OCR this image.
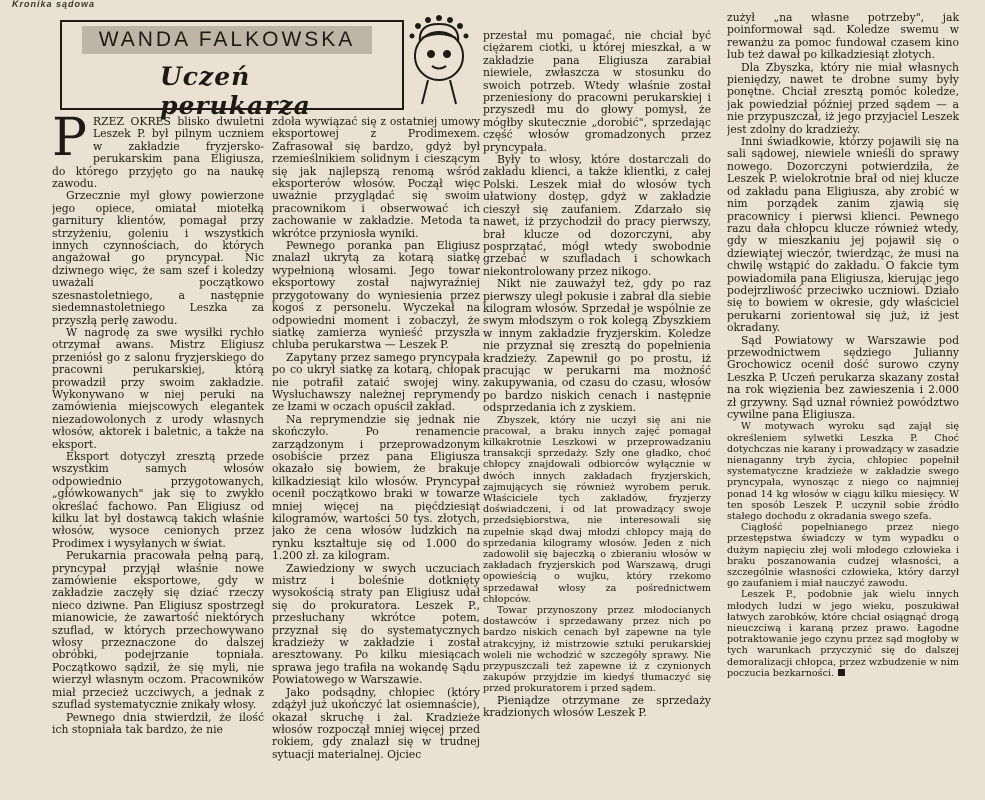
Kronika sądowa
WANDA FALKOWSKA
Uczeń perukarza

PRZEZ OKRES blisko dwuletni Leszek P. był pilnym uczniem w zakładzie fryzjersko-perukarskim pana Eligiusza, do którego przyjęto go na naukę zawodu.

Grzecznie mył głowy powierzone jego opiece, omiatał miotełką garnitury klientów, pomagał przy strzyżeniu, goleniu i wszystkich innych czynnościach, do których angażował go pryncypał. Nic dziwnego więc, że sam szef i koledzy uważali początkowo szesnastoletniego, a następnie siedemnastoletniego Leszka za przyszłą perłę zawodu.

W nagrodę za swe wysiłki rychło otrzymał awans. Mistrz Eligiusz przeniósł go z salonu fryzjerskiego do pracowni perukarskiej, którą prowadził przy swoim zakładzie. Wykonywano w niej peruki na zamówienia miejscowych elegantek niezadowolonych z urody własnych włosów, aktorek i baletnic, a także na eksport.

Eksport dotyczył zresztą przede wszystkim samych włosów odpowiednio przygotowanych, „główkowanych" jak się to zwykło określać fachowo. Pan Eligiusz od kilku lat był dostawcą takich właśnie włosów, wysoce cenionych przez Prodimex i wysyłanych w świat.

Perukarnia pracowała pełną parą, pryncypał przyjął właśnie nowe zamówienie eksportowe, gdy w zakładzie zaczęły się dziać rzeczy nieco dziwne. Pan Eligiusz spostrzegł mianowicie, że zawartość niektórych szuflad, w których przechowywano włosy przeznaczone do dalszej obróbki, podejrzanie topniała. Początkowo sądził, że się myli, nie wierzył własnym oczom. Pracowników miał przecież uczciwych, a jednak z szuflad systematycznie znikały włosy.

Pewnego dnia stwierdził, że ilość ich stopniała tak bardzo, że nie

zdoła wywiązać się z ostatniej umowy eksportowej z Prodimexem. Zafrasował się bardzo, gdyż był rzemieślnikiem solidnym i cieszącym się jak najlepszą renomą wśród eksporterów włosów. Począł więc uważnie przyglądać się swoim pracownikom i obserwować ich zachowanie w zakładzie. Metoda ta wkrótce przyniosła wyniki.

Pewnego poranka pan Eligiusz znalazł ukrytą za kotarą siatkę wypełnioną włosami. Jego towar eksportowy został najwyraźniej przygotowany do wyniesienia przez kogoś z personelu. Wyczekał na odpowiedni moment i zobaczył, że siatkę zamierza wynieść przyszła chluba perukarstwa — Leszek P.

Zapytany przez samego pryncypała po co ukrył siatkę za kotarą, chłopak nie potrafił zataić swojej winy. Wysłuchawszy należnej reprymendy ze łzami w oczach opuścił zakład.

Na reprymendzie się jednak nie skończyło. Po renamencie zarządzonym i przeprowadzonym osobiście przez pana Eligiusza okazało się bowiem, że brakuje kilkadziesiąt kilo włosów. Pryncypał ocenił początkowo braki w towarze mniej więcej na pięćdziesiąt kilogramów, wartości 50 tys. złotych, jako że cena włosów ludzkich na rynku kształtuje się od 1.000 do 1.200 zł. za kilogram.

Zawiedziony w swych uczuciach mistrz i boleśnie dotknięty wysokością straty pan Eligiusz udał się do prokuratora. Leszek P., przesłuchany wkrótce potem, przyznał się do systematycznych kradzieży w zakładzie i został aresztowany. Po kilku miesiącach sprawa jego trafiła na wokandę Sądu Powiatowego w Warszawie.

Jako podsądny, chłopiec (który zdążył już ukończyć lat osiemnaście), okazał skruchę i żal. Kradzieże włosów rozpoczął mniej więcej przed rokiem, gdy znalazł się w trudnej sytuacji materialnej. Ojciec

przestał mu pomagać, nie chciał być ciężarem ciotki, u której mieszkał, a w zakładzie pana Eligiusza zarabiał niewiele, zwłaszcza w stosunku do swoich potrzeb. Wtedy właśnie został przeniesiony do pracowni perukarskiej i przyszedł mu do głowy pomysł, że mógłby skutecznie „dorobić", sprzedając część włosów gromadzonych przez pryncypała.

Były to włosy, które dostarczali do zakładu klienci, a także klientki, z całej Polski. Leszek miał do włosów tych ułatwiony dostęp, gdyż w zakładzie cieszył się zaufaniem. Zdarzało się nawet, iż przychodził do pracy pierwszy, brał klucze od dozorczyni, aby posprzątać, mógł wtedy swobodnie grzebać w szufladach i schowkach niekontrolowany przez nikogo.

Nikt nie zauważył też, gdy po raz pierwszy uległ pokusie i zabrał dla siebie kilogram włosów. Sprzedał je wspólnie ze swym młodszym o rok kolegą Zbyszkiem w innym zakładzie fryzjerskim. Koledze nie przyznał się zresztą do popełnienia kradzieży. Zapewnił go po prostu, iż pracując w perukarni ma możność zakupywania, od czasu do czasu, włosów po bardzo niskich cenach i następnie odsprzedania ich z zyskiem.

Zbyszek, który nie uczył się ani nie pracował, a braku innych zajęć pomagał kilkakrotnie Leszkowi w przeprowadzaniu transakcji sprzedaży. Szły one gładko, choć chłopcy znajdowali odbiorców wyłącznie w dwóch innych zakładach fryzjerskich, zajmujących się również wyrobem peruk. Właściciele tych zakładów, fryzjerzy doświadczeni, i od lat prowadzący swoje przedsiębiorstwa, nie interesowali się zupełnie skąd dwaj młodzi chłopcy mają do sprzedania kilogramy włosów. Jeden z nich zadowolił się bajeczką o zbieraniu włosów w zakładach fryzjerskich pod Warszawą, drugi opowieścią o wujku, który rzekomo sprzedawał włosy za pośrednictwem chłopców.

Towar przynoszony przez młodocianych dostawców i sprzedawany przez nich po bardzo niskich cenach był zapewne na tyle atrakcyjny, iż mistrzowie sztuki perukarskiej woleli nie wchodzić w szczegóły sprawy. Nie przypuszczali też zapewne iż z czynionych zakupów przyjdzie im kiedyś tłumaczyć się przed prokuratorem i przed sądem.

Pieniądze otrzymane ze sprzedaży kradzionych włosów Leszek P.

zużył „na własne potrzeby", jak poinformował sąd. Koledze swemu w rewanżu za pomoc fundował czasem kino lub też dawał po kilkadziesiąt złotych.

Dla Zbyszka, który nie miał własnych pieniędzy, nawet te drobne sumy były ponętne. Chciał zresztą pomóc koledze, jak powiedział później przed sądem — a nie przypuszczał, iż jego przyjaciel Leszek jest zdolny do kradzieży.

Inni świadkowie, którzy pojawili się na sali sądowej, niewiele wnieśli do sprawy nowego. Dozorczyni potwierdziła, że Leszek P. wielokrotnie brał od niej klucze od zakładu pana Eligiusza, aby zrobić w nim porządek zanim zjawią się pracownicy i pierwsi klienci. Pewnego razu dała chłopcu klucze również wtedy, gdy w mieszkaniu jej pojawił się o dziewiątej wieczór, twierdząc, że musi na chwilę wstąpić do zakładu. O fakcie tym powiadomiła pana Eligiusza, kierując jego podejrzliwość przeciwko uczniowi. Działo się to bowiem w okresie, gdy właściciel perukarni zorientował się już, iż jest okradany.

Sąd Powiatowy w Warszawie pod przewodnictwem sędziego Julianny Grochowicz ocenił dość surowo czyny Leszka P. Uczeń perukarza skazany został na rok więzienia bez zawieszenia i 2.000 zł grzywny. Sąd uznał również powództwo cywilne pana Eligiusza.

W motywach wyroku sąd zajął się określeniem sylwetki Leszka P. Choć dotychczas nie karany i prowadzący w zasadzie nienaganny tryb życia, chłopiec popełnił systematyczne kradzieże w zakładzie swego pryncypała, wynosząc z niego co najmniej ponad 14 kg włosów w ciągu kilku miesięcy. W ten sposób Leszek P. uczynił sobie źródło stałego dochodu z okradania swego szefa.

Ciągłość popełnianego przez niego przestępstwa świadczy w tym wypadku o dużym napięciu złej woli młodego człowieka i braku poszanowania cudzej własności, a szczególnie własności człowieka, który darzył go zaufaniem i miał nauczyć zawodu.

Leszek P., podobnie jak wielu innych młodych ludzi w jego wieku, poszukiwał łatwych zarobków, które chciał osiągnąć drogą nieuczciwą i karaną przez prawo. Łagodne potraktowanie jego czynu przez sąd mogłoby w tych warunkach przyczynić się do dalszej demoralizacji chłopca, przez wzbudzenie w nim poczucia bezkarności.
